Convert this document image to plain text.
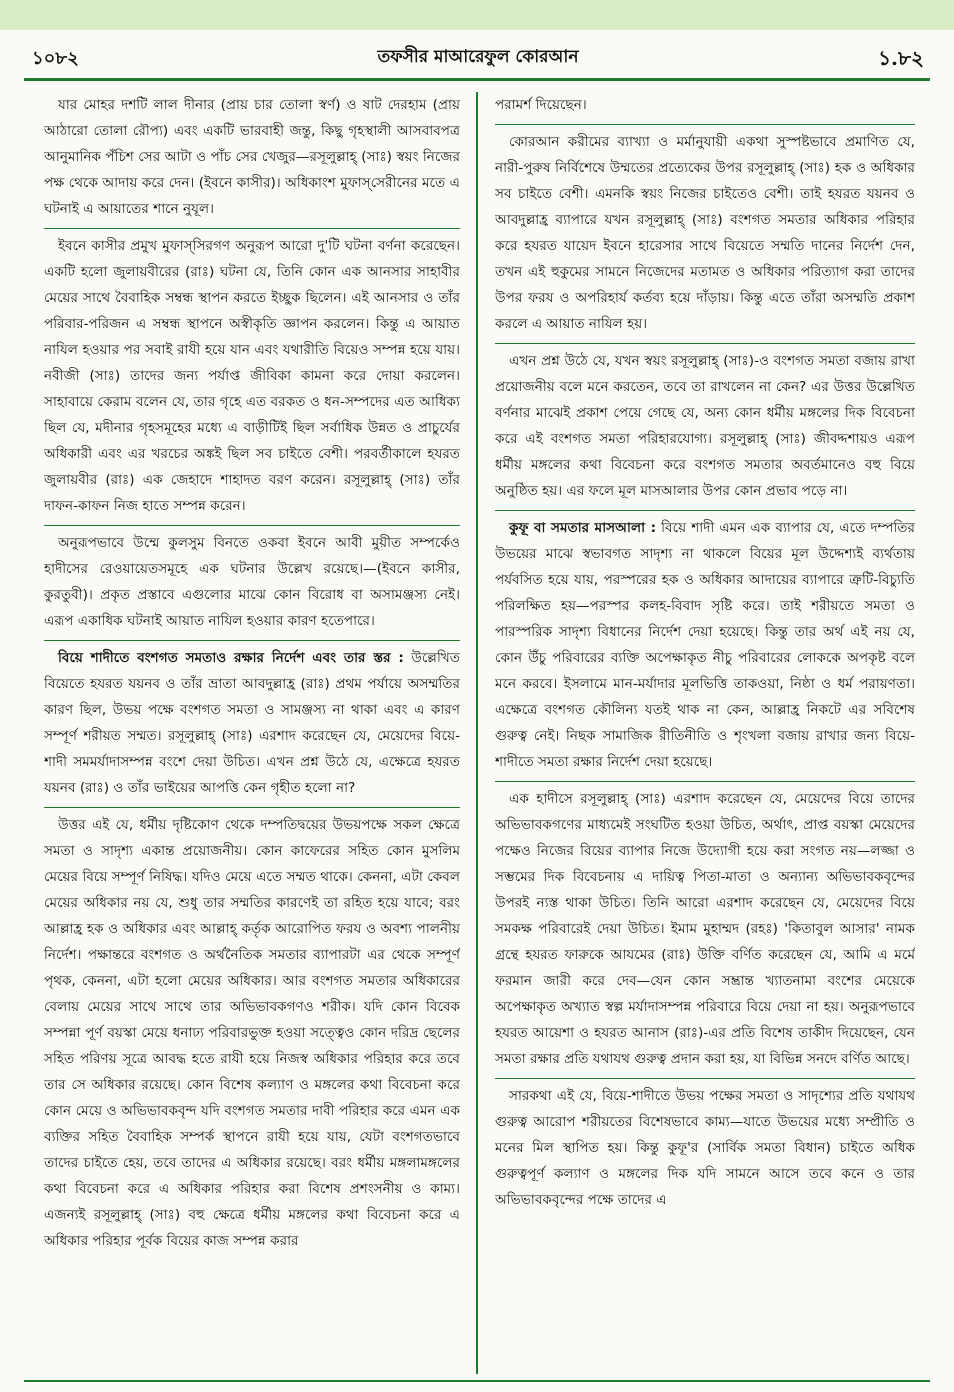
১০৮২	তফসীর মাআরেফুল কোরআন	১.৮২

যার মোহর দশটি লাল দীনার (প্রায় চার তোলা স্বর্ণ) ও ষাট দেরহাম (প্রায় আঠারো তোলা রৌপ্য) এবং একটি ভারবাহী জন্তু, কিছু গৃহস্থালী আসবাবপত্র আনুমানিক পঁচিশ সের আটা ও পাঁচ সের খেজুর—রসূলুল্লাহ্ (সাঃ) স্বয়ং নিজের পক্ষ থেকে আদায় করে দেন। (ইবনে কাসীর)। অধিকাংশ মুফাস্‌সেরীনের মতে এ ঘটনাই এ আয়াতের শানে নুযূল।

ইবনে কাসীর প্রমুখ মুফাস্‌সিরগণ অনুরূপ আরো দু'টি ঘটনা বর্ণনা করেছেন। একটি হলো জুলায়বীরের (রাঃ) ঘটনা যে, তিনি কোন এক আনসার সাহাবীর মেয়ের সাথে বৈবাহিক সম্বন্ধ স্থাপন করতে ইচ্ছুক ছিলেন। এই আনসার ও তাঁর পরিবার-পরিজন এ সম্বন্ধ স্থাপনে অস্বীকৃতি জ্ঞাপন করলেন। কিন্তু এ আয়াত নাযিল হওয়ার পর সবাই রাযী হয়ে যান এবং যথারীতি বিয়েও সম্পন্ন হয়ে যায়। নবীজী (সাঃ) তাদের জন্য পর্যাপ্ত জীবিকা কামনা করে দোয়া করলেন। সাহাবায়ে কেরাম বলেন যে, তার গৃহে এত বরকত ও ধন-সম্পদের এত আধিক্য ছিল যে, মদীনার গৃহসমূহের মধ্যে এ বাড়ীটিই ছিল সর্বাধিক উন্নত ও প্রাচুর্যের অধিকারী এবং এর খরচের অঙ্কই ছিল সব চাইতে বেশী। পরবর্তীকালে হযরত জুলায়বীর (রাঃ) এক জেহাদে শাহাদত বরণ করেন। রসূলুল্লাহ্ (সাঃ) তাঁর দাফন-কাফন নিজ হাতে সম্পন্ন করেন।

অনুরূপভাবে উম্মে কুলসুম বিনতে ওকবা ইবনে আবী মুয়ীত সম্পর্কেও হাদীসের রেওয়ায়েতসমূহে এক ঘটনার উল্লেখ রয়েছে।—(ইবনে কাসীর, কুরতুবী)। প্রকৃত প্রস্তাবে এগুলোর মাঝে কোন বিরোধ বা অসামঞ্জস্য নেই। এরূপ একাধিক ঘটনাই আয়াত নাযিল হওয়ার কারণ হতেপারে।

বিয়ে শাদীতে বংশগত সমতাও রক্ষার নির্দেশ এবং তার স্তর : উল্লেখিত বিয়েতে হযরত যয়নব ও তাঁর ভ্রাতা আবদুল্লাহ্র (রাঃ) প্রথম পর্যায়ে অসম্মতির কারণ ছিল, উভয় পক্ষে বংশগত সমতা ও সামঞ্জস্য না থাকা এবং এ কারণ সম্পূর্ণ শরীয়ত সম্মত। রসূলুল্লাহ্ (সাঃ) এরশাদ করেছেন যে, মেয়েদের বিয়ে-শাদী সমমর্যাদাসম্পন্ন বংশে দেয়া উচিত। এখন প্রশ্ন উঠে যে, এক্ষেত্রে হযরত যয়নব (রাঃ) ও তাঁর ভাইয়ের আপত্তি কেন গৃহীত হলো না?

উত্তর এই যে, ধর্মীয় দৃষ্টিকোণ থেকে দম্পতিদ্বয়ের উভয়পক্ষে সকল ক্ষেত্রে সমতা ও সাদৃশ্য একান্ত প্রয়োজনীয়। কোন কাফেরের সহিত কোন মুসলিম মেয়ের বিয়ে সম্পূর্ণ নিষিদ্ধ। যদিও মেয়ে এতে সম্মত থাকে। কেননা, এটা কেবল মেয়ের অধিকার নয় যে, শুধু তার সম্মতির কারণেই তা রহিত হয়ে যাবে; বরং আল্লাহ্র হক ও অধিকার এবং আল্লাহ্ কর্তৃক আরোপিত ফরয ও অবশ্য পালনীয় নির্দেশ। পক্ষান্তরে বংশগত ও অর্থনৈতিক সমতার ব্যাপারটা এর থেকে সম্পূর্ণ পৃথক, কেননা, এটা হলো মেয়ের অধিকার। আর বংশগত সমতার অধিকারের বেলায় মেয়ের সাথে সাথে তার অভিভাবকগণও শরীক। যদি কোন বিবেক সম্পন্না পূর্ণ বয়স্কা মেয়ে ধনাঢ্য পরিবারভুক্ত হওয়া সত্ত্বেও কোন দরিদ্র ছেলের সহিত পরিণয় সূত্রে আবদ্ধ হতে রাযী হয়ে নিজস্ব অধিকার পরিহার করে তবে তার সে অধিকার রয়েছে। কোন বিশেষ কল্যাণ ও মঙ্গলের কথা বিবেচনা করে কোন মেয়ে ও অভিভাবকবৃন্দ যদি বংশগত সমতার দাবী পরিহার করে এমন এক ব্যক্তির সহিত বৈবাহিক সম্পর্ক স্থাপনে রাযী হয়ে যায়, যেটা বংশগতভাবে তাদের চাইতে হেয়, তবে তাদের এ অধিকার রয়েছে। বরং ধর্মীয় মঙ্গলামঙ্গলের কথা বিবেচনা করে এ অধিকার পরিহার করা বিশেষ প্রশংসনীয় ও কাম্য। এজন্যই রসূলুল্লাহ্ (সাঃ) বহু ক্ষেত্রে ধর্মীয় মঙ্গলের কথা বিবেচনা করে এ অধিকার পরিহার পূর্বক বিয়ের কাজ সম্পন্ন করার

পরামর্শ দিয়েছেন।

কোরআন করীমের ব্যাখ্যা ও মর্মানুযায়ী একথা সুস্পষ্টভাবে প্রমাণিত যে, নারী-পুরুষ নির্বিশেষে উম্মতের প্রত্যেকের উপর রসূলুল্লাহ্ (সাঃ) হক ও অধিকার সব চাইতে বেশী। এমনকি স্বয়ং নিজের চাইতেও বেশী। তাই হযরত যয়নব ও আবদুল্লাহ্র ব্যাপারে যখন রসূলুল্লাহ্ (সাঃ) বংশগত সমতার অধিকার পরিহার করে হযরত যায়েদ ইবনে হারেসার সাথে বিয়েতে সম্মতি দানের নির্দেশ দেন, তখন এই হুকুমের সামনে নিজেদের মতামত ও অধিকার পরিত্যাগ করা তাদের উপর ফরয ও অপরিহার্য কর্তব্য হয়ে দাঁড়ায়। কিন্তু এতে তাঁরা অসম্মতি প্রকাশ করলে এ আয়াত নাযিল হয়।

এখন প্রশ্ন উঠে যে, যখন স্বয়ং রসূলুল্লাহ্ (সাঃ)-ও বংশগত সমতা বজায় রাখা প্রয়োজনীয় বলে মনে করতেন, তবে তা রাখলেন না কেন? এর উত্তর উল্লেখিত বর্ণনার মাঝেই প্রকাশ পেয়ে গেছে যে, অন্য কোন ধর্মীয় মঙ্গলের দিক বিবেচনা করে এই বংশগত সমতা পরিহারযোগ্য। রসূলুল্লাহ্ (সাঃ) জীবদ্দশায়ও এরূপ ধর্মীয় মঙ্গলের কথা বিবেচনা করে বংশগত সমতার অবর্তমানেও বহু বিয়ে অনুষ্ঠিত হয়। এর ফলে মূল মাসআলার উপর কোন প্রভাব পড়ে না।

কুফূ বা সমতার মাসআলা : বিয়ে শাদী এমন এক ব্যাপার যে, এতে দম্পতির উভয়ের মাঝে স্বভাবগত সাদৃশ্য না থাকলে বিয়ের মূল উদ্দেশ্যই ব্যর্থতায় পর্যবসিত হয়ে যায়, পরস্পরের হক ও অধিকার আদায়ের ব্যাপারে ত্রুটি-বিচ্যুতি পরিলক্ষিত হয়—পরস্পর কলহ-বিবাদ সৃষ্টি করে। তাই শরীয়তে সমতা ও পারস্পরিক সাদৃশ্য বিধানের নির্দেশ দেয়া হয়েছে। কিন্তু তার অর্থ এই নয় যে, কোন উঁচু পরিবারের ব্যক্তি অপেক্ষাকৃত নীচু পরিবারের লোককে অপকৃষ্ট বলে মনে করবে। ইসলামে মান-মর্যাদার মূলভিত্তি তাকওয়া, নিষ্ঠা ও ধর্ম পরায়ণতা। এক্ষেত্রে বংশগত কৌলিন্য যতই থাক না কেন, আল্লাহ্র নিকটে এর সবিশেষ গুরুত্ব নেই। নিছক সামাজিক রীতিনীতি ও শৃংখলা বজায় রাখার জন্য বিয়ে-শাদীতে সমতা রক্ষার নির্দেশ দেয়া হয়েছে।

এক হাদীসে রসূলুল্লাহ্ (সাঃ) এরশাদ করেছেন যে, মেয়েদের বিয়ে তাদের অভিভাবকগণের মাধ্যমেই সংঘটিত হওয়া উচিত, অর্থাৎ, প্রাপ্ত বয়স্কা মেয়েদের পক্ষেও নিজের বিয়ের ব্যাপার নিজে উদ্যোগী হয়ে করা সংগত নয়—লজ্জা ও সম্ভমের দিক বিবেচনায় এ দায়িত্ব পিতা-মাতা ও অন্যান্য অভিভাবকবৃন্দের উপরই ন্যস্ত থাকা উচিত। তিনি আরো এরশাদ করেছেন যে, মেয়েদের বিয়ে সমকক্ষ পরিবারেই দেয়া উচিত। ইমাম মুহাম্মদ (রহঃ) 'কিতাবুল আসার' নামক গ্রন্থে হযরত ফারুকে আযমের (রাঃ) উক্তি বর্ণিত করেছেন যে, আমি এ মর্মে ফরমান জারী করে দেব—যেন কোন সম্ভ্রান্ত খ্যাতনামা বংশের মেয়েকে অপেক্ষাকৃত অখ্যাত স্বল্প মর্যাদাসম্পন্ন পরিবারে বিয়ে দেয়া না হয়। অনুরূপভাবে হযরত আয়েশা ও হযরত আনাস (রাঃ)-এর প্রতি বিশেষ তাকীদ দিয়েছেন, যেন সমতা রক্ষার প্রতি যথাযথ গুরুত্ব প্রদান করা হয়, যা বিভিন্ন সনদে বর্ণিত আছে।

সারকথা এই যে, বিয়ে-শাদীতে উভয় পক্ষের সমতা ও সাদৃশ্যের প্রতি যথাযথ গুরুত্ব আরোপ শরীয়তের বিশেষভাবে কাম্য—যাতে উভয়ের মধ্যে সম্প্রীতি ও মনের মিল স্থাপিত হয়। কিন্তু কুফূ'র (সার্বিক সমতা বিধান) চাইতে অধিক গুরুত্বপূর্ণ কল্যাণ ও মঙ্গলের দিক যদি সামনে আসে তবে কনে ও তার অভিভাবকবৃন্দের পক্ষে তাদের এ
